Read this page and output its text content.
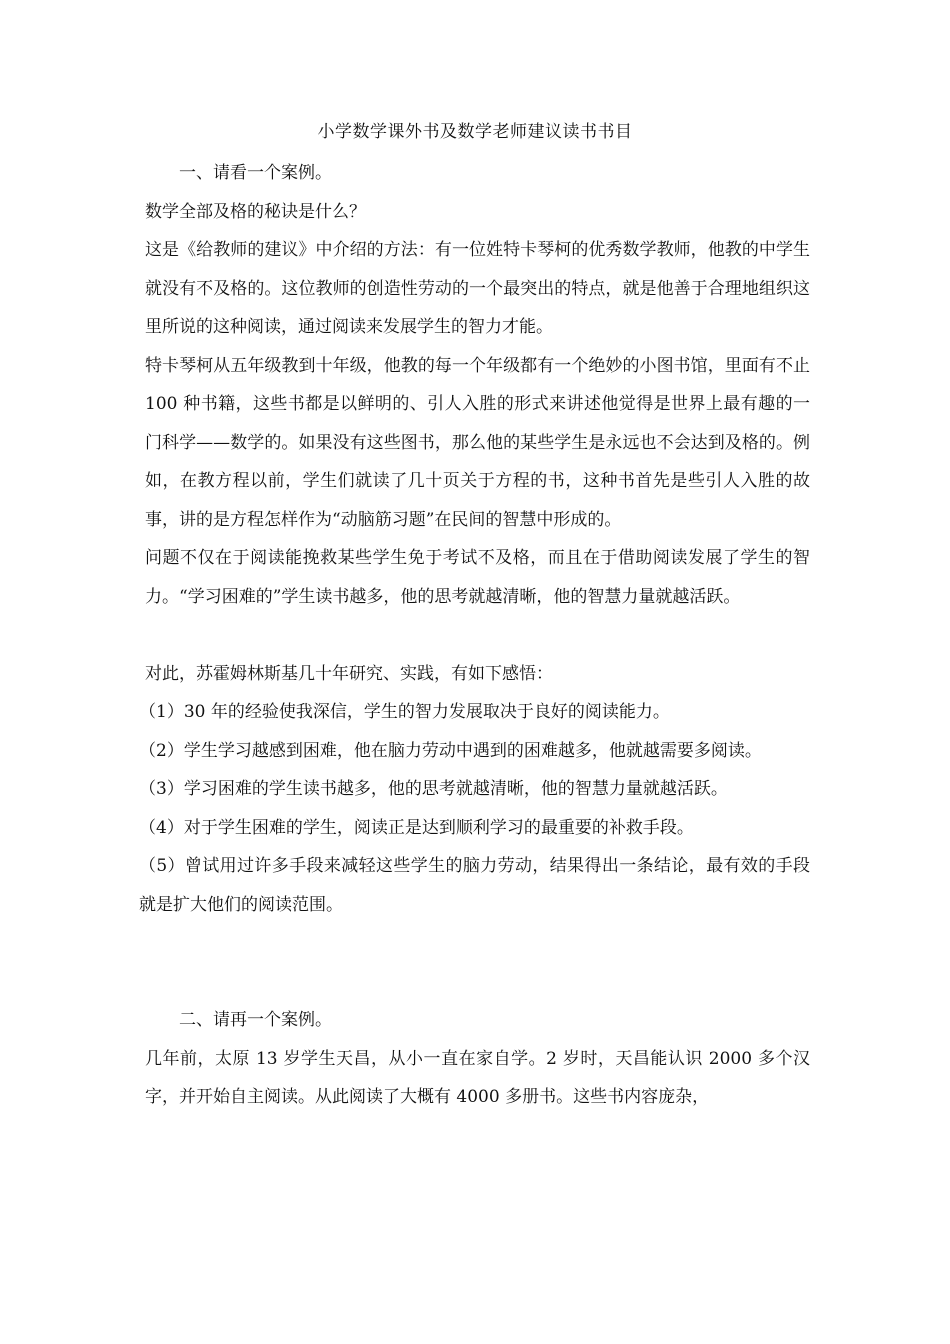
小学数学课外书及数学老师建议读书书目

一、请看一个案例。

数学全部及格的秘诀是什么？

这是《给教师的建议》中介绍的方法：有一位姓特卡琴柯的优秀数学教师，他教的中学生就没有不及格的。这位教师的创造性劳动的一个最突出的特点，就是他善于合理地组织这里所说的这种阅读，通过阅读来发展学生的智力才能。

特卡琴柯从五年级教到十年级，他教的每一个年级都有一个绝妙的小图书馆，里面有不止 100 种书籍，这些书都是以鲜明的、引人入胜的形式来讲述他觉得是世界上最有趣的一门科学——数学的。如果没有这些图书，那么他的某些学生是永远也不会达到及格的。例如，在教方程以前，学生们就读了几十页关于方程的书，这种书首先是些引人入胜的故事，讲的是方程怎样作为“动脑筋习题”在民间的智慧中形成的。

问题不仅在于阅读能挽救某些学生免于考试不及格，而且在于借助阅读发展了学生的智力。“学习困难的”学生读书越多，他的思考就越清晰，他的智慧力量就越活跃。

对此，苏霍姆林斯基几十年研究、实践，有如下感悟：

（1）30 年的经验使我深信，学生的智力发展取决于良好的阅读能力。

（2）学生学习越感到困难，他在脑力劳动中遇到的困难越多，他就越需要多阅读。

（3）学习困难的学生读书越多，他的思考就越清晰，他的智慧力量就越活跃。

（4）对于学生困难的学生，阅读正是达到顺利学习的最重要的补救手段。

（5）曾试用过许多手段来减轻这些学生的脑力劳动，结果得出一条结论，最有效的手段就是扩大他们的阅读范围。

二、请再一个案例。

几年前，太原 13 岁学生天昌，从小一直在家自学。2 岁时，天昌能认识 2000 多个汉字，并开始自主阅读。从此阅读了大概有 4000 多册书。这些书内容庞杂，
